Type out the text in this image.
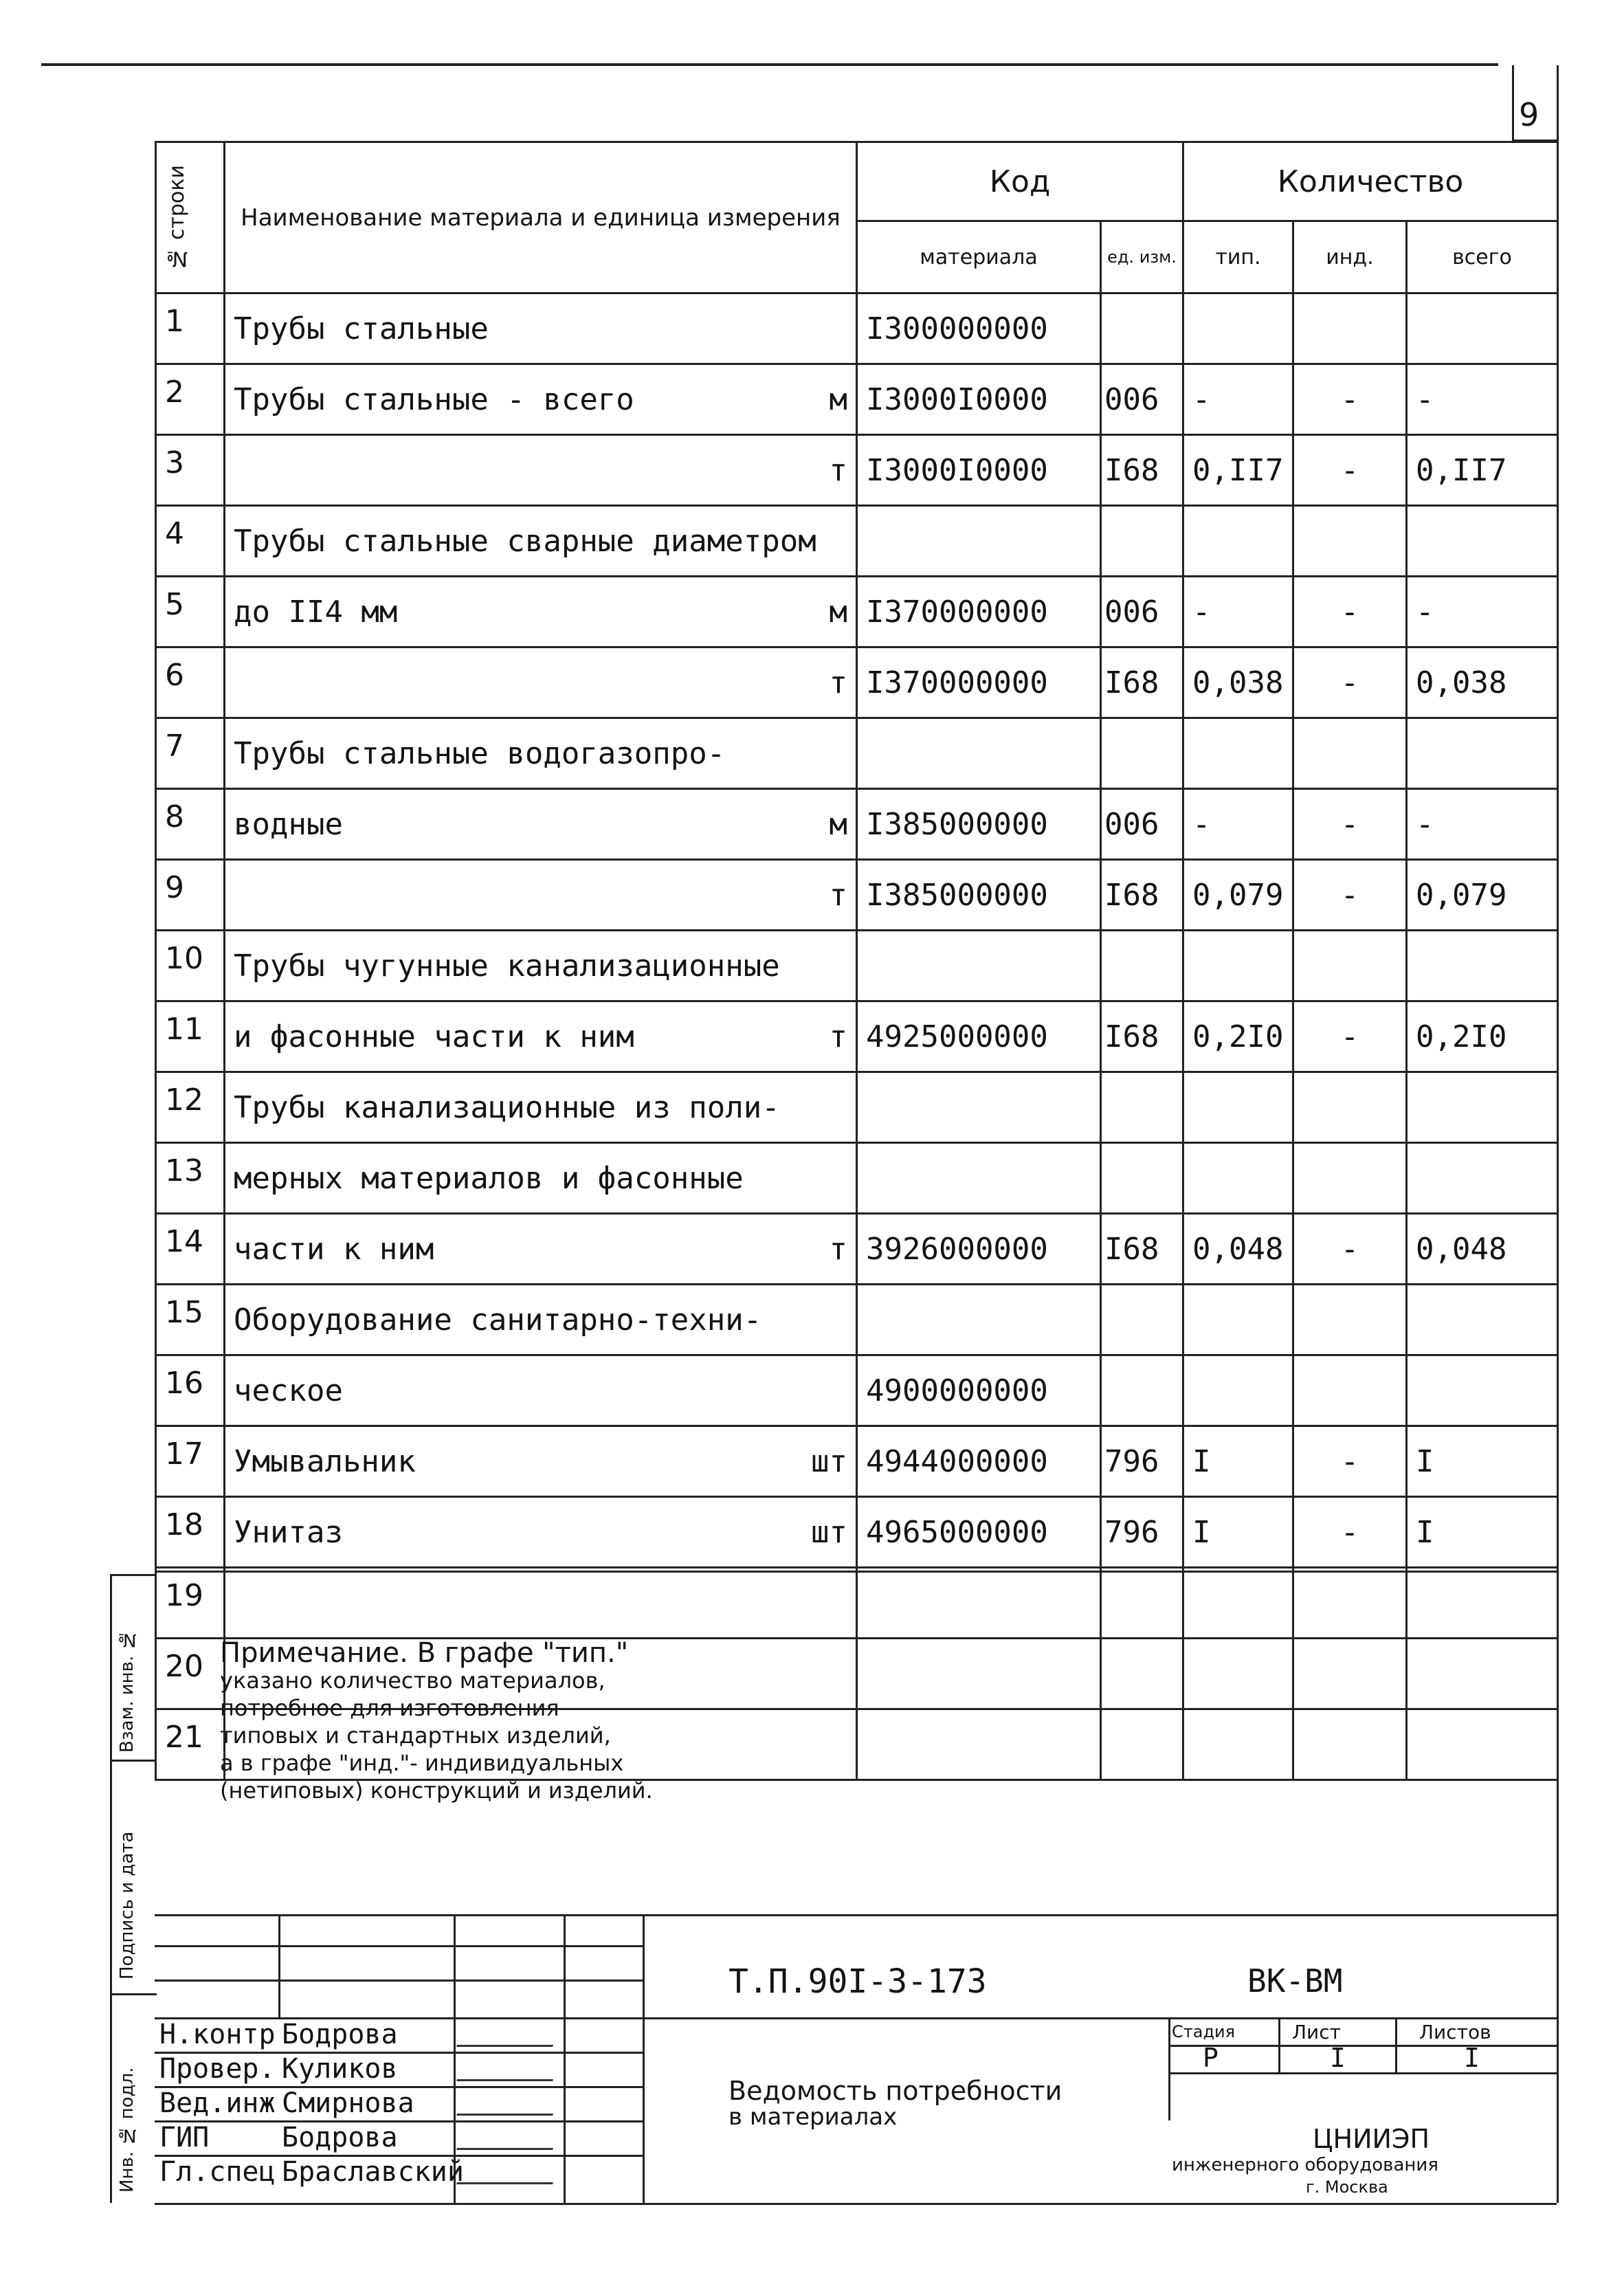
9
№ строки	Наименование материала и единица измерения	Код		Количество		
		материала	ед. изм.	тип.	инд.	всего
1	Трубы стальные	I300000000				
2	Трубы стальные - всего м	I3000I0000	006	-	-	-
3	т	I3000I0000	I68	0,II7	-	0,II7
4	Трубы стальные сварные диаметром

5	до II4 мм м	I370000000	006	-	-	-
6	т	I370000000	I68	0,038	-	0,038
7	Трубы стальные водогазопро-

8	водные м	I385000000	006	-	-	-
9	т	I385000000	I68	0,079	-	0,079
10	Трубы чугунные канализационные

11	и фасонные части к ним т	4925000000	I68	0,2I0	-	0,2I0
12	Трубы канализационные из поли-

13	мерных материалов и фасонные

14	части к ним т	3926000000	I68	0,048	-	0,048
15	Оборудование санитарно-техни-

16	ческое	4900000000				
17	Умывальник шт	4944000000	796	I	-	I
18	Унитаз шт	4965000000	796	I	-	I
19	

20	

21	

Взам. инв. №
Подпись и дата
Инв. № подл.
Примечание. В графе "тип."
указано количество материалов,
потребное для изготовления
типовых и стандартных изделий,
а в графе "инд."- индивидуальных
(нетиповых) конструкций и изделий.
Т.П.90I-3-173	ВК-ВМ
Н.контр Бодрова
Провер. Куликов
Вед.инж Смирнова
ГИП	Бодрова
Гл.спец Браславский
Ведомость потребности
в материалах
Стадия	Лист	Листов
Р	I	I
ЦНИИЭП
инженерного оборудования
г. Москва
